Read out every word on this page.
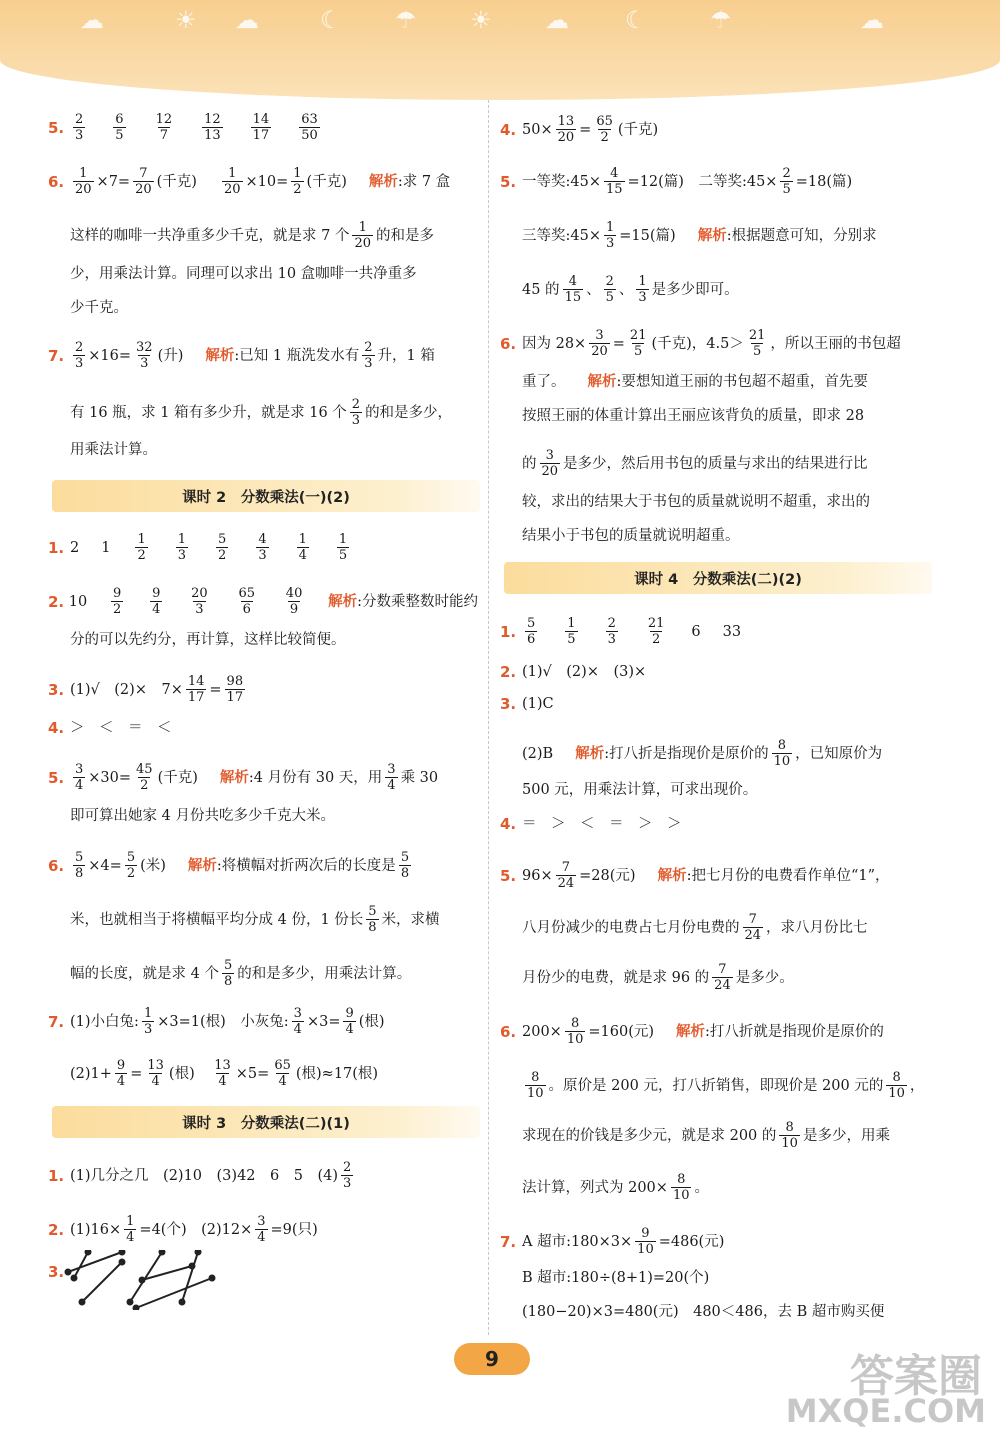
☁	☀ ☁	☾ ☂ ☀ ☁ ☾	☂	☁
5. $\frac{2}{3} \frac{6}{5} \frac{12}{7} \frac{12}{13} \frac{14}{17} \frac{63}{50}$
6. $\frac{1}{20} \times 7= \frac{7}{20}$ (千克) $\frac{1}{20} \times 10= \frac{1}{2}$ (千克) 解析 :求 7 盒
这样的咖啡一共净重多少千克，就是求 7 个 $\frac{1}{20}$ 的和是多
少，用乘法计算。同理可以求出 10 盒咖啡一共净重多
少千克。
7. $\frac{2}{3} \times 16= \frac{32}{3}$ (升) 解析 :已知 1 瓶洗发水有 $\frac{2}{3}$ 升，1 箱
有 16 瓶，求 1 箱有多少升，就是求 16 个 $\frac{2}{3}$ 的和是多少，
用乘法计算。
课时 2　分数乘法(一)(2)
1. 2 $1 \frac{1}{2} \frac{1}{3} \frac{5}{2} \frac{4}{3} \frac{1}{4} \frac{1}{5}$
2. $10 \frac{9}{2} \frac{9}{4} \frac{20}{3} \frac{65}{6} \frac{40}{9}$ 解析 :分数乘整数时能约
分的可以先约分，再计算，这样比较简便。
3. (1)√　(2)×　$7\times \frac{14}{17} = \frac{98}{17}$
4. ＞　＜　＝　＜
5. $\frac{3}{4} \times 30= \frac{45}{2}$ (千克) 解析 :4 月份有 30 天，用 $\frac{3}{4}$ 乘 30
即可算出她家 4 月份共吃多少千克大米。
6. $\frac{5}{8} \times 4= \frac{5}{2}$ (米) 解析 :将横幅对折两次后的长度是 $\frac{5}{8}$
米，也就相当于将横幅平均分成 4 份，1 份长 $\frac{5}{8}$ 米，求横
幅的长度，就是求 4 个 $\frac{5}{8}$ 的和是多少，用乘法计算。
7. (1)小白兔: $\frac{1}{3} \times 3=1$(根)　小灰兔: $\frac{3}{4} \times 3= \frac{9}{4}$ (根)
$(2)1+ \frac{9}{4} = \frac{13}{4}$ (根)　 $\frac{13}{4} \times 5= \frac{65}{4}$ (根)≈17(根)
课时 3　分数乘法(二)(1)
1. (1)几分之几　(2)10　(3)42　6　5　$(4) \frac{2}{3}$
2. $(1)16\times \frac{1}{4} =4$(个)　$(2)12\times \frac{3}{4} =9$(只)
3.
4. $50\times \frac{13}{20} = \frac{65}{2}$ (千克)
5. 一等奖:45× $\frac{4}{15} =12$(篇)　二等奖:45× $\frac{2}{5} =18$(篇)
三等奖:45× $\frac{1}{3} =15$(篇) 解析 :根据题意可知，分别求
45 的 $\frac{4}{15}$ 、 $\frac{2}{5}$ 、 $\frac{1}{3}$ 是多少即可。
6. 因为 $28\times \frac{3}{20} = \frac{21}{5}$ (千克)，$4.5> \frac{21}{5}$ ，所以王丽的书包超
重了。 解析 :要想知道王丽的书包超不超重，首先要
按照王丽的体重计算出王丽应该背负的质量，即求 28
的 $\frac{3}{20}$ 是多少，然后用书包的质量与求出的结果进行比
较，求出的结果大于书包的质量就说明不超重，求出的
结果小于书包的质量就说明超重。
课时 4　分数乘法(二)(2)
1. $\frac{5}{6} \frac{1}{5} \frac{2}{3} \frac{21}{2} 6$ 33
2. (1)√　(2)×　(3)×
3. (1)C
(2)B 解析 :打八折是指现价是原价的 $\frac{8}{10}$ ，已知原价为
500 元，用乘法计算，可求出现价。
4. ＝　＞　＜　＝　＞　＞
5. $96\times \frac{7}{24} =28$(元) 解析 :把七月份的电费看作单位“1”，
八月份减少的电费占七月份电费的 $\frac{7}{24}$ ，求八月份比七
月份少的电费，就是求 96 的 $\frac{7}{24}$ 是多少。
6. $200\times \frac{8}{10} =160$(元) 解析 :打八折就是指现价是原价的
$\frac{8}{10}$ 。原价是 200 元，打八折销售，即现价是 200 元的 $\frac{8}{10}$ ，
求现在的价钱是多少元，就是求 200 的 $\frac{8}{10}$ 是多少，用乘
法计算，列式为 $200\times \frac{8}{10}$ 。
7. A 超市:180×3× $\frac{9}{10} =486$(元)
B 超市:180÷(8+1)=20(个)
(180−20)×3=480(元)　480＜486，去 B 超市购买便
9	答案圈
MXQE.COM
